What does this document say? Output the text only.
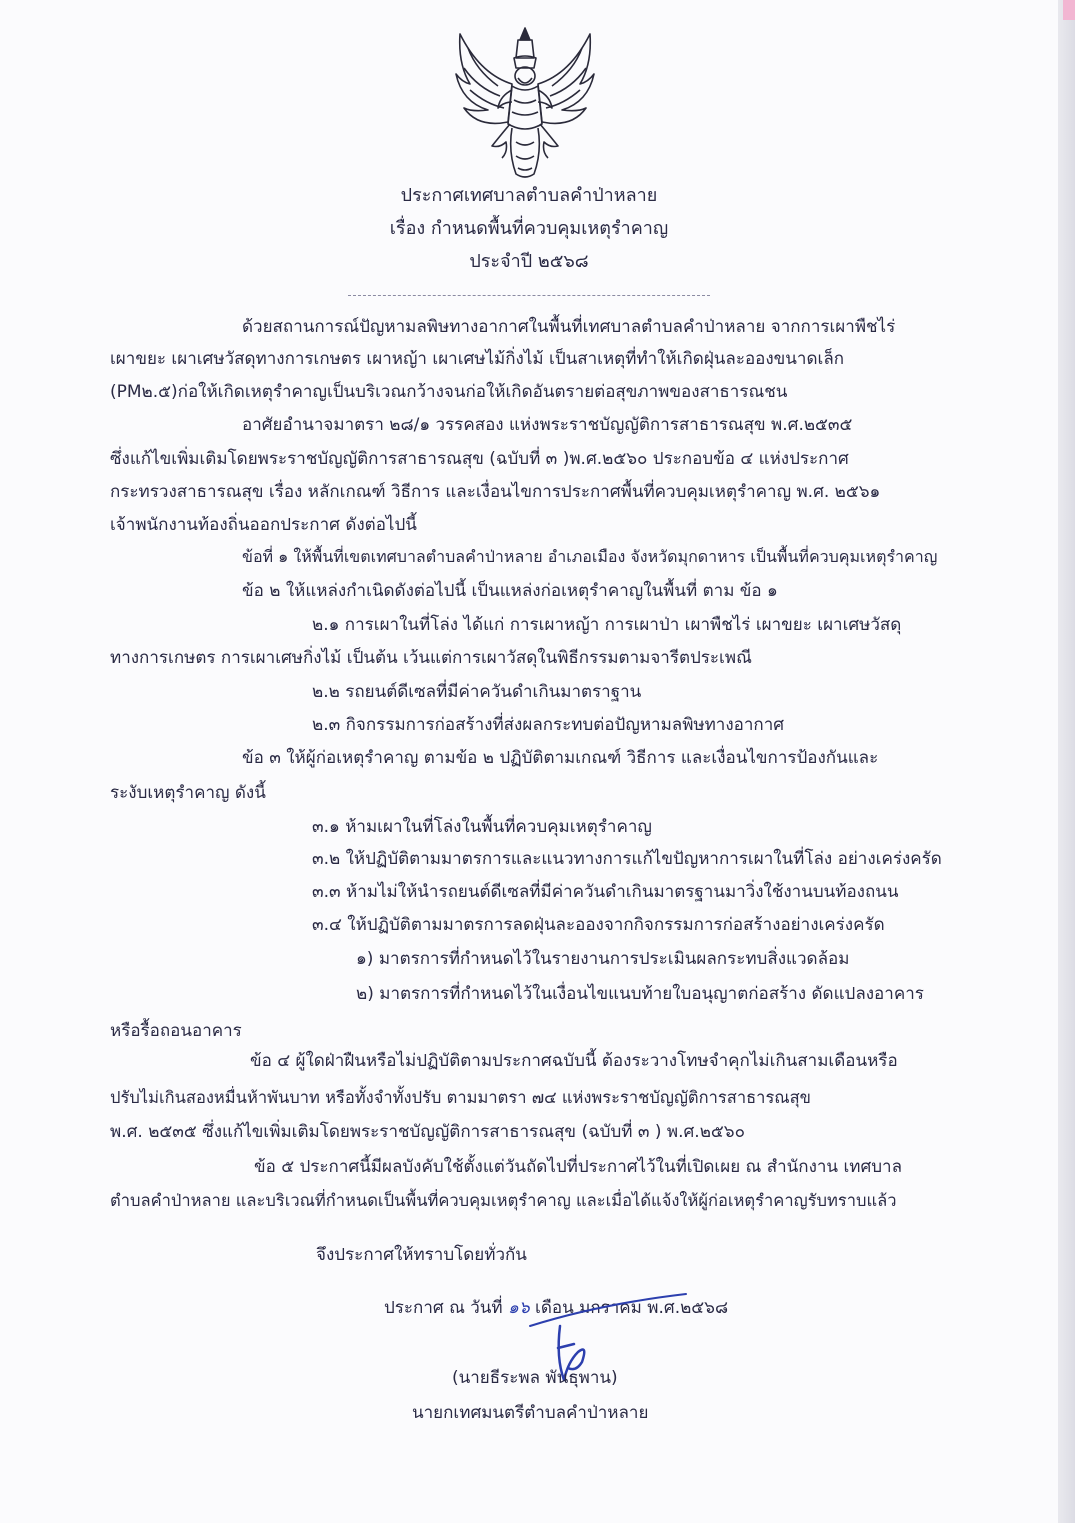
ประกาศเทศบาลตำบลคำป่าหลาย
เรื่อง กำหนดพื้นที่ควบคุมเหตุรำคาญ
ประจำปี ๒๕๖๘
ด้วยสถานการณ์ปัญหามลพิษทางอากาศในพื้นที่เทศบาลตำบลคำป่าหลาย จากการเผาพืชไร่
เผาขยะ เผาเศษวัสดุทางการเกษตร เผาหญ้า เผาเศษไม้กิ่งไม้ เป็นสาเหตุที่ทำให้เกิดฝุ่นละอองขนาดเล็ก
(PM๒.๕)ก่อให้เกิดเหตุรำคาญเป็นบริเวณกว้างจนก่อให้เกิดอันตรายต่อสุขภาพของสาธารณชน
อาศัยอำนาจมาตรา ๒๘/๑ วรรคสอง แห่งพระราชบัญญัติการสาธารณสุข พ.ศ.๒๕๓๕
ซึ่งแก้ไขเพิ่มเติมโดยพระราชบัญญัติการสาธารณสุข (ฉบับที่ ๓ )พ.ศ.๒๕๖๐ ประกอบข้อ ๔ แห่งประกาศ
กระทรวงสาธารณสุข เรื่อง หลักเกณฑ์ วิธีการ และเงื่อนไขการประกาศพื้นที่ควบคุมเหตุรำคาญ พ.ศ. ๒๕๖๑
เจ้าพนักงานท้องถิ่นออกประกาศ ดังต่อไปนี้
ข้อที่ ๑ ให้พื้นที่เขตเทศบาลตำบลคำป่าหลาย อำเภอเมือง จังหวัดมุกดาหาร เป็นพื้นที่ควบคุมเหตุรำคาญ
ข้อ ๒ ให้แหล่งกำเนิดดังต่อไปนี้ เป็นแหล่งก่อเหตุรำคาญในพื้นที่ ตาม ข้อ ๑
๒.๑ การเผาในที่โล่ง ได้แก่ การเผาหญ้า การเผาป่า เผาพืชไร่ เผาขยะ เผาเศษวัสดุ
ทางการเกษตร การเผาเศษกิ่งไม้ เป็นต้น เว้นแต่การเผาวัสดุในพิธีกรรมตามจารีตประเพณี
๒.๒ รถยนต์ดีเซลที่มีค่าควันดำเกินมาตราฐาน
๒.๓ กิจกรรมการก่อสร้างที่ส่งผลกระทบต่อปัญหามลพิษทางอากาศ
ข้อ ๓ ให้ผู้ก่อเหตุรำคาญ ตามข้อ ๒ ปฏิบัติตามเกณฑ์ วิธีการ และเงื่อนไขการป้องกันและ
ระงับเหตุรำคาญ ดังนี้
๓.๑ ห้ามเผาในที่โล่งในพื้นที่ควบคุมเหตุรำคาญ
๓.๒ ให้ปฏิบัติตามมาตรการและแนวทางการแก้ไขปัญหาการเผาในที่โล่ง อย่างเคร่งครัด
๓.๓ ห้ามไม่ให้นำรถยนต์ดีเซลที่มีค่าควันดำเกินมาตรฐานมาวิ่งใช้งานบนท้องถนน
๓.๔ ให้ปฏิบัติตามมาตรการลดฝุ่นละอองจากกิจกรรมการก่อสร้างอย่างเคร่งครัด
๑) มาตรการที่กำหนดไว้ในรายงานการประเมินผลกระทบสิ่งแวดล้อม
๒) มาตรการที่กำหนดไว้ในเงื่อนไขแนบท้ายใบอนุญาตก่อสร้าง ดัดแปลงอาคาร
หรือรื้อถอนอาคาร
ข้อ ๔ ผู้ใดฝ่าฝืนหรือไม่ปฏิบัติตามประกาศฉบับนี้ ต้องระวางโทษจำคุกไม่เกินสามเดือนหรือ
ปรับไม่เกินสองหมื่นห้าพันบาท หรือทั้งจำทั้งปรับ ตามมาตรา ๗๔ แห่งพระราชบัญญัติการสาธารณสุข
พ.ศ. ๒๕๓๕ ซึ่งแก้ไขเพิ่มเติมโดยพระราชบัญญัติการสาธารณสุข (ฉบับที่ ๓ ) พ.ศ.๒๕๖๐
ข้อ ๕ ประกาศนี้มีผลบังคับใช้ตั้งแต่วันถัดไปที่ประกาศไว้ในที่เปิดเผย ณ สำนักงาน เทศบาล
ตำบลคำป่าหลาย และบริเวณที่กำหนดเป็นพื้นที่ควบคุมเหตุรำคาญ และเมื่อได้แจ้งให้ผู้ก่อเหตุรำคาญรับทราบแล้ว
จึงประกาศให้ทราบโดยทั่วกัน
ประกาศ ณ วันที่ ๑๖ เดือน มกราคม พ.ศ.๒๕๖๘
(นายธีระพล พันธุพาน)
นายกเทศมนตรีตำบลคำป่าหลาย
